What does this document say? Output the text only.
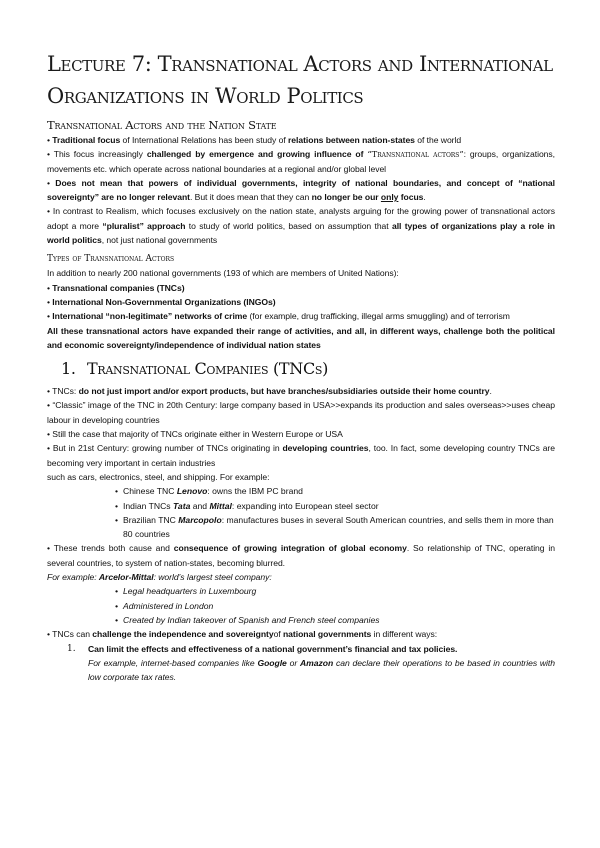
Lecture 7: Transnational Actors and International Organizations in World Politics
Transnational Actors and the Nation State

• Traditional focus of International Relations has been study of relations between nation-states of the world

• This focus increasingly challenged by emergence and growing influence of “Transnational actors”: groups, organizations, movements etc. which operate across national boundaries at a regional and/or global level

• Does not mean that powers of individual governments, integrity of national boundaries, and concept of “national sovereignty” are no longer relevant. But it does mean that they can no longer be our only focus.

• In contrast to Realism, which focuses exclusively on the nation state, analysts arguing for the growing power of transnational actors adopt a more “pluralist” approach to study of world politics, based on assumption that all types of organizations play a role in world politics, not just national governments

Types of Transnational Actors

In addition to nearly 200 national governments (193 of which are members of United Nations):

• Transnational companies (TNCs)

• International Non-Governmental Organizations (INGOs)

• International “non-legitimate” networks of crime (for example, drug trafficking, illegal arms smuggling) and of terrorism

All these transnational actors have expanded their range of activities, and all, in different ways, challenge both the political and economic sovereignty/independence of individual nation states

1. Transnational Companies (TNCs)

• TNCs: do not just import and/or export products, but have branches/subsidiaries outside their home country.

• “Classic” image of the TNC in 20th Century: large company based in USA>>expands its production and sales overseas>>uses cheap labour in developing countries

• Still the case that majority of TNCs originate either in Western Europe or USA

• But in 21st Century: growing number of TNCs originating in developing countries, too. In fact, some developing country TNCs are becoming very important in certain industries

such as cars, electronics, steel, and shipping. For example:

• Chinese TNC Lenovo: owns the IBM PC brand
• Indian TNCs Tata and Mittal: expanding into European steel sector
• Brazilian TNC Marcopolo: manufactures buses in several South American countries, and sells them in more than 80 countries

• These trends both cause and consequence of growing integration of global economy. So relationship of TNC, operating in several countries, to system of nation-states, becoming blurred.

For example: Arcelor-Mittal: world’s largest steel company:

• Legal headquarters in Luxembourg
• Administered in London
• Created by Indian takeover of Spanish and French steel companies

• TNCs can challenge the independence and sovereigntyof national governments in different ways:

1. Can limit the effects and effectiveness of a national government’s financial and tax policies.

For example, internet-based companies like Google or Amazon can declare their operations to be based in countries with low corporate tax rates.
